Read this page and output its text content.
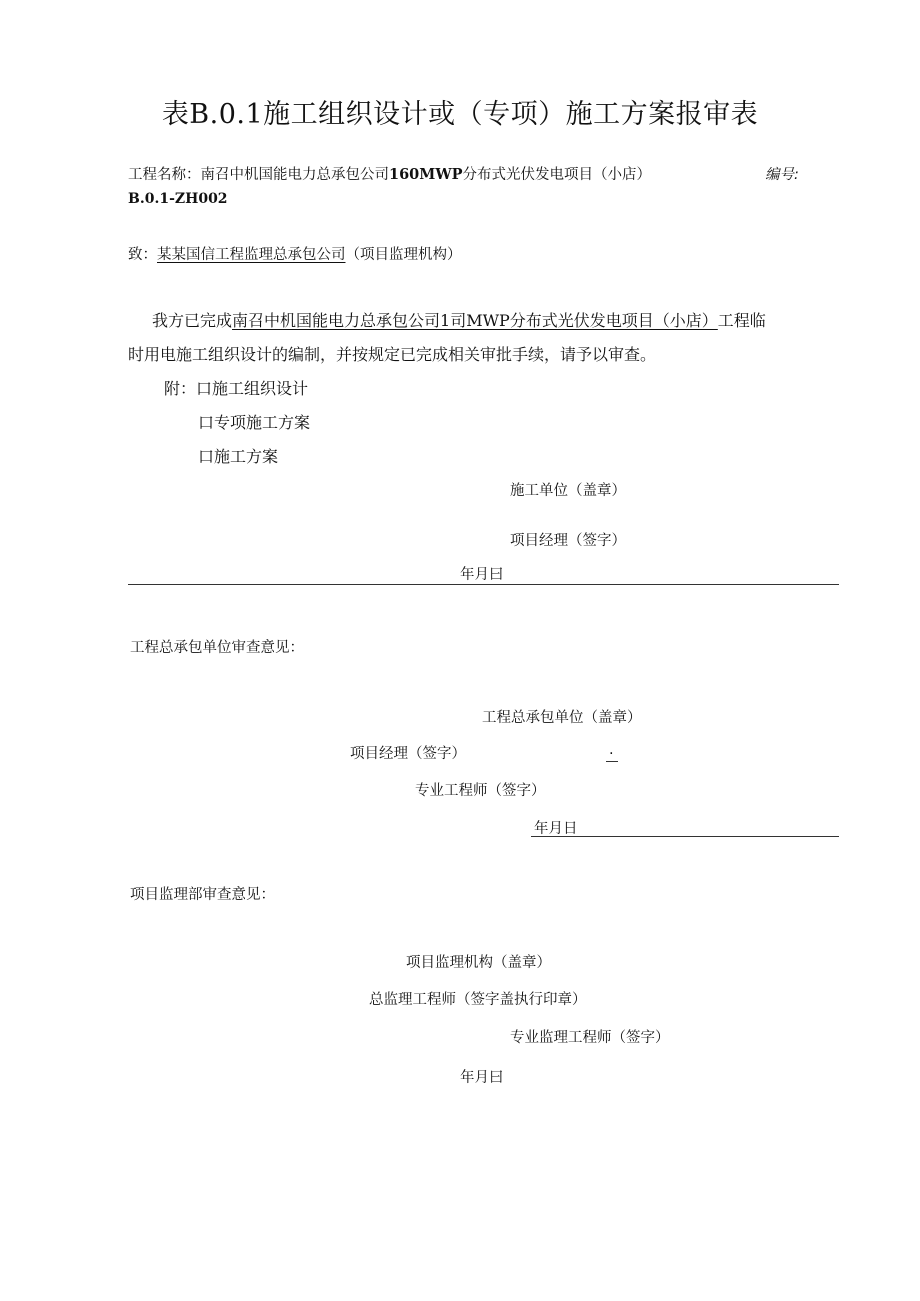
表B.0.1施工组织设计或（专项）施工方案报审表
工程名称：南召中机国能电力总承包公司160MWP分布式光伏发电项目（小店）	编号:
B.0.1-ZH002
致：某某国信工程监理总承包公司（项目监理机构）
我方已完成南召中机国能电力总承包公司1司MWP分布式光伏发电项目（小店）工程临
时用电施工组织设计的编制，并按规定已完成相关审批手续，请予以审查。
附：口施工组织设计
口专项施工方案
口施工方案
施工单位（盖章）
项目经理（签字）
年月曰
工程总承包单位审查意见：
工程总承包单位（盖章）
项目经理（签字）	.
专业工程师（签字）
年月日
项目监理部审查意见：
项目监理机构（盖章）
总监理工程师（签字盖执行印章）
专业监理工程师（签字）
年月曰
